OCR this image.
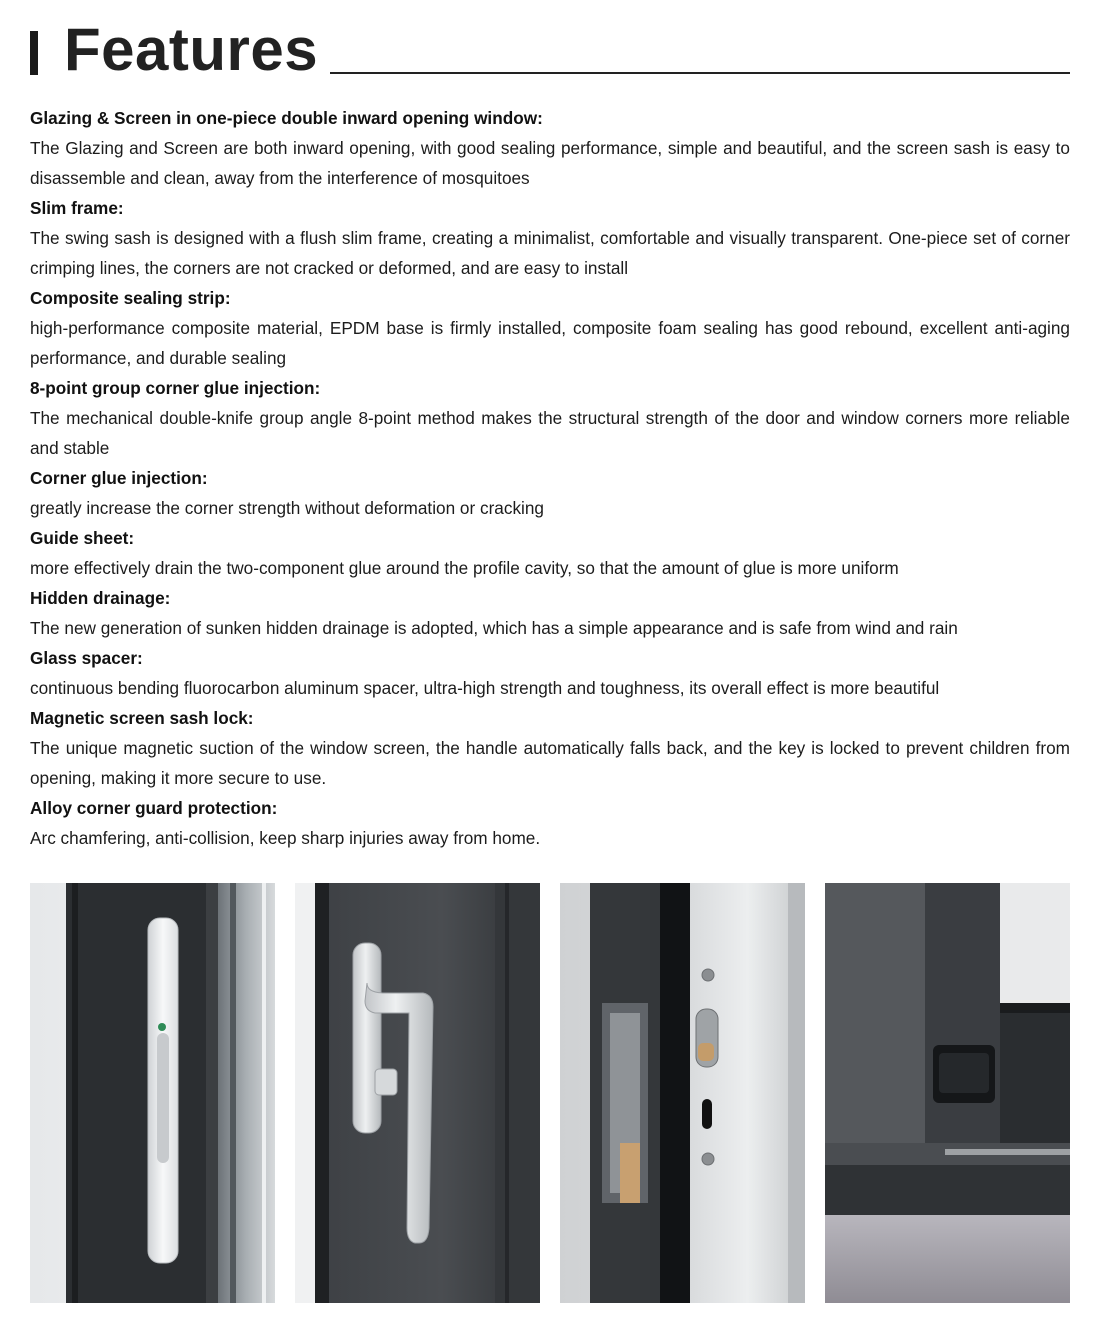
Features
Glazing & Screen in one-piece double inward opening window:
The Glazing and Screen are both inward opening, with good sealing performance, simple and beautiful, and the screen sash is easy to disassemble and clean, away from the interference of mosquitoes
Slim frame:
The swing sash is designed with a flush slim frame, creating a minimalist, comfortable and visually transparent. One-piece set of corner crimping lines, the corners are not cracked or deformed, and are easy to install
Composite sealing strip:
high-performance composite material, EPDM base is firmly installed, composite foam sealing has good rebound, excellent anti-aging performance, and durable sealing
8-point group corner glue injection:
The mechanical double-knife group angle 8-point method makes the structural strength of the door and window corners more reliable and stable
Corner glue injection:
greatly increase the corner strength without deformation or cracking
Guide sheet:
more effectively drain the two-component glue around the profile cavity, so that the amount of glue is more uniform
Hidden drainage:
The new generation of sunken hidden drainage is adopted, which has a simple appearance and is safe from wind and rain
Glass spacer:
continuous bending fluorocarbon aluminum spacer, ultra-high strength and toughness, its overall effect is more beautiful
Magnetic screen sash lock:
The unique magnetic suction of the window screen, the handle automatically falls back, and the key is locked to prevent children from opening, making it more secure to use.
Alloy corner guard protection:
Arc chamfering, anti-collision, keep sharp injuries away from home.
